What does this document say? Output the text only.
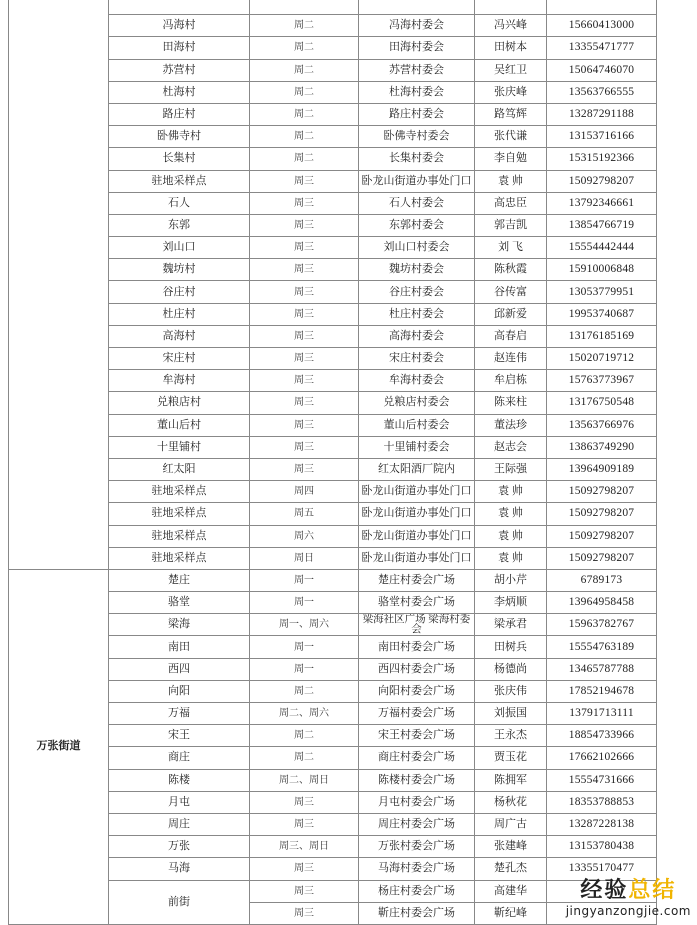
	冯海村	周二	冯海村委会	冯兴峰	15660413000
	田海村	周二	田海村委会	田树本	13355471777
	苏营村	周二	苏营村委会	吴红卫	15064746070
	杜海村	周二	杜海村委会	张庆峰	13563766555
	路庄村	周二	路庄村委会	路笃辉	13287291188
	卧佛寺村	周二	卧佛寺村委会	张代谦	13153716166
	长集村	周二	长集村委会	李自勉	15315192366
	驻地采样点	周三	卧龙山街道办事处门口	袁 帅	15092798207
	石人	周三	石人村委会	高忠臣	13792346661
	东郭	周三	东郭村委会	郭吉凯	13854766719
	刘山口	周三	刘山口村委会	刘 飞	15554442444
	魏坊村	周三	魏坊村委会	陈秋霞	15910006848
	谷庄村	周三	谷庄村委会	谷传富	13053779951
	杜庄村	周三	杜庄村委会	邱新爱	19953740687
	高海村	周三	高海村委会	高春启	13176185169
	宋庄村	周三	宋庄村委会	赵连伟	15020719712
	牟海村	周三	牟海村委会	牟启栋	15763773967
	兑粮店村	周三	兑粮店村委会	陈来柱	13176750548
	董山后村	周三	董山后村委会	董法珍	13563766976
	十里铺村	周三	十里铺村委会	赵志会	13863749290
	红太阳	周三	红太阳酒厂院内	王际强	13964909189
	驻地采样点	周四	卧龙山街道办事处门口	袁 帅	15092798207
	驻地采样点	周五	卧龙山街道办事处门口	袁 帅	15092798207
	驻地采样点	周六	卧龙山街道办事处门口	袁 帅	15092798207
	驻地采样点	周日	卧龙山街道办事处门口	袁 帅	15092798207
万张街道	楚庄	周一	楚庄村委会广场	胡小芹	6789173
	骆堂	周一	骆堂村委会广场	李炳顺	13964958458
	梁海	周一、周六	梁海社区广场 梁海村委会	梁承君	15963782767
	南田	周一	南田村委会广场	田树兵	15554763189
	西四	周一	西四村委会广场	杨德尚	13465787788
	向阳	周二	向阳村委会广场	张庆伟	17852194678
	万福	周二、周六	万福村委会广场	刘振国	13791713111
	宋王	周二	宋王村委会广场	王永杰	18854733966
	商庄	周二	商庄村委会广场	贾玉花	17662102666
	陈楼	周二、周日	陈楼村委会广场	陈拥军	15554731666
	月屯	周三	月屯村委会广场	杨秋花	18353788853
	周庄	周三	周庄村委会广场	周广古	13287228138
	万张	周三、周日	万张村委会广场	张建峰	13153780438
	马海	周三	马海村委会广场	楚孔杰	13355170477
	前街	周三	杨庄村委会广场	高建华	
		周三	靳庄村委会广场	靳纪峰	
经验总结
jingyanzongjie.com
